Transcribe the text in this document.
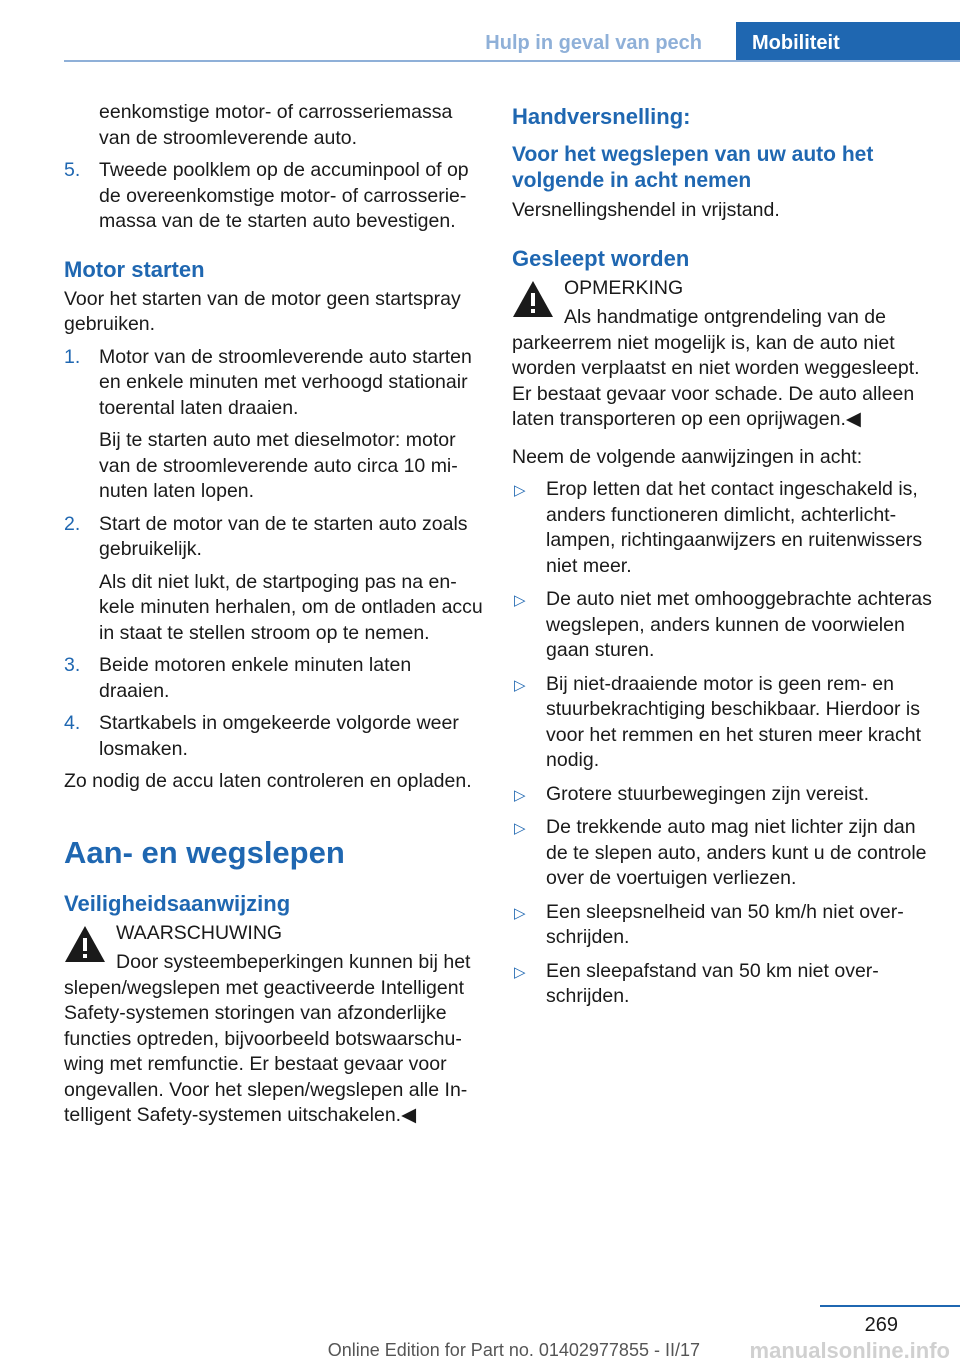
Hulp in geval van pech	Mobiliteit

eenkomstige motor- of carrosseriemassa van de stroomleverende auto.

5. Tweede poolklem op de accuminpool of op de overeenkomstige motor- of carrosseriemassa van de te starten auto bevestigen.

Motor starten

Voor het starten van de motor geen startspray gebruiken.

1. Motor van de stroomleverende auto starten en enkele minuten met verhoogd stationair toerental laten draaien.

Bij te starten auto met dieselmotor: motor van de stroomleverende auto circa 10 minuten laten lopen.

2. Start de motor van de te starten auto zoals gebruikelijk.

Als dit niet lukt, de startpoging pas na enkele minuten herhalen, om de ontladen accu in staat te stellen stroom op te nemen.

3. Beide motoren enkele minuten laten draaien.

4. Startkabels in omgekeerde volgorde weer losmaken.

Zo nodig de accu laten controleren en opladen.

Aan- en wegslepen
Veiligheidsaanwijzing
WAARSCHUWING

Door systeembeperkingen kunnen bij het slepen/wegslepen met geactiveerde Intelligent Safety-systemen storingen van afzonderlijke functies optreden, bijvoorbeeld botswaarschuwing met remfunctie. Er bestaat gevaar voor ongevallen. Voor het slepen/wegslepen alle Intelligent Safety-systemen uitschakelen.◀

Handversnelling:
Voor het wegslepen van uw auto het volgende in acht nemen

Versnellingshendel in vrijstand.

Gesleept worden
OPMERKING

Als handmatige ontgrendeling van de parkeerrem niet mogelijk is, kan de auto niet worden verplaatst en niet worden weggesleept. Er bestaat gevaar voor schade. De auto alleen laten transporteren op een oprijwagen.◀

Neem de volgende aanwijzingen in acht:

▷ Erop letten dat het contact ingeschakeld is, anders functioneren dimlicht, achterlichtlampen, richtingaanwijzers en ruitenwissers niet meer.
▷ De auto niet met omhooggebrachte achteras wegslepen, anders kunnen de voorwielen gaan sturen.
▷ Bij niet-draaiende motor is geen rem- en stuurbekrachtiging beschikbaar. Hierdoor is voor het remmen en het sturen meer kracht nodig.
▷ Grotere stuurbewegingen zijn vereist.
▷ De trekkende auto mag niet lichter zijn dan de te slepen auto, anders kunt u de controle over de voertuigen verliezen.
▷ Een sleepsnelheid van 50 km/h niet overschrijden.
▷ Een sleepafstand van 50 km niet overschrijden.
269
Online Edition for Part no. 01402977855 - II/17 manualsonline.info
